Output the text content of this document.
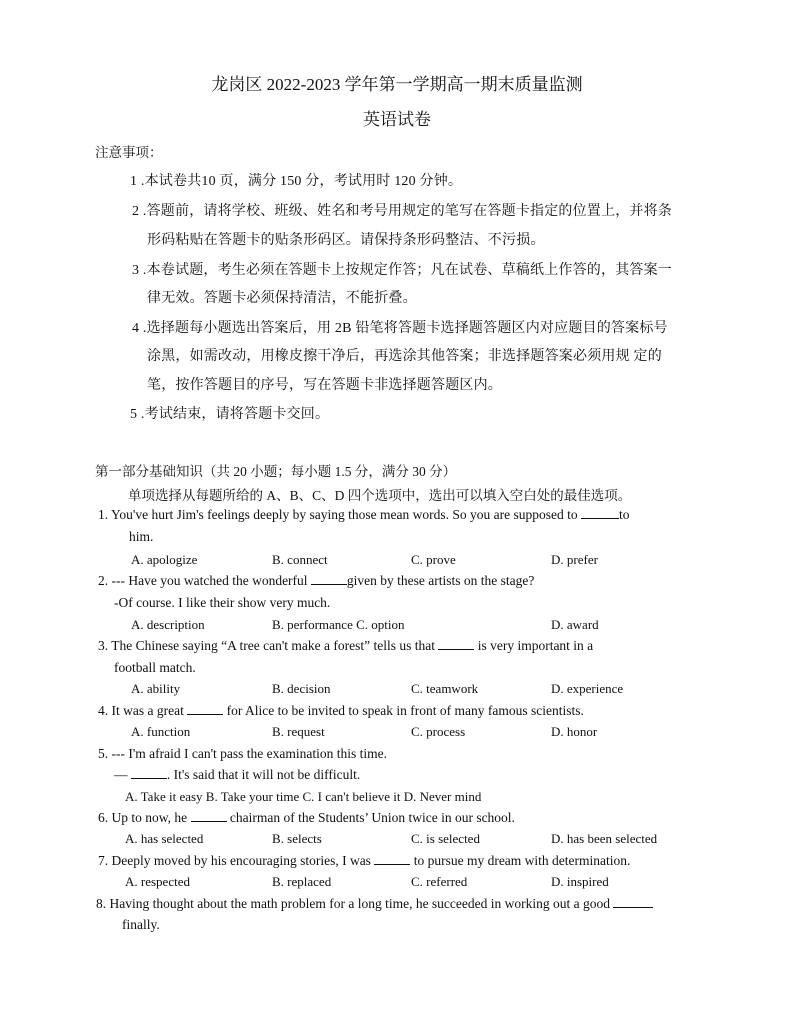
龙岗区 2022-2023 学年第一学期高一期末质量监测
英语试卷
注意事项：
1 .本试卷共10 页，满分 150 分，考试用时 120 分钟。
2 .答题前，请将学校、班级、姓名和考号用规定的笔写在答题卡指定的位置上，并将条
形码粘贴在答题卡的贴条形码区。请保持条形码整洁、不污损。
3 .本卷试题，考生必须在答题卡上按规定作答；凡在试卷、草稿纸上作答的，其答案一
律无效。答题卡必须保持清洁，不能折叠。
4 .选择题每小题选出答案后，用 2B 铅笔将答题卡选择题答题区内对应题目的答案标号
涂黑，如需改动，用橡皮擦干净后，再选涂其他答案；非选择题答案必须用规 定的
笔，按作答题目的序号，写在答题卡非选择题答题区内。
5 .考试结束，请将答题卡交回。
第一部分基础知识（共 20 小题；每小题 1.5 分，满分 30 分）
单项选择从每题所给的 A、B、C、D 四个选项中，选出可以填入空白处的最佳选项。
1. You've hurt Jim's feelings deeply by saying those mean words. So you are supposed to	to
him.
A. apologize	B. connect	C. prove	D. prefer
2. --- Have you watched the wonderful	given by these artists on the stage?
-Of course. I like their show very much.
A. description	B. performance C. option	D. award
3. The Chinese saying “A tree can't make a forest” tells us that	is very important in a
football match.
A. ability	B. decision	C. teamwork	D. experience
4. It was a great	for Alice to be invited to speak in front of many famous scientists.
A. function	B. request	C. process	D. honor
5. --- I'm afraid I can't pass the examination this time.
—	. It's said that it will not be difficult.
A. Take it easy B. Take your time C. I can't believe it D. Never mind
6. Up to now, he	chairman of the Students’ Union twice in our school.
A. has selected	B. selects	C. is selected	D. has been selected
7. Deeply moved by his encouraging stories, I was	to pursue my dream with determination.
A. respected	B. replaced	C. referred	D. inspired
8. Having thought about the math problem for a long time, he succeeded in working out a good
finally.
